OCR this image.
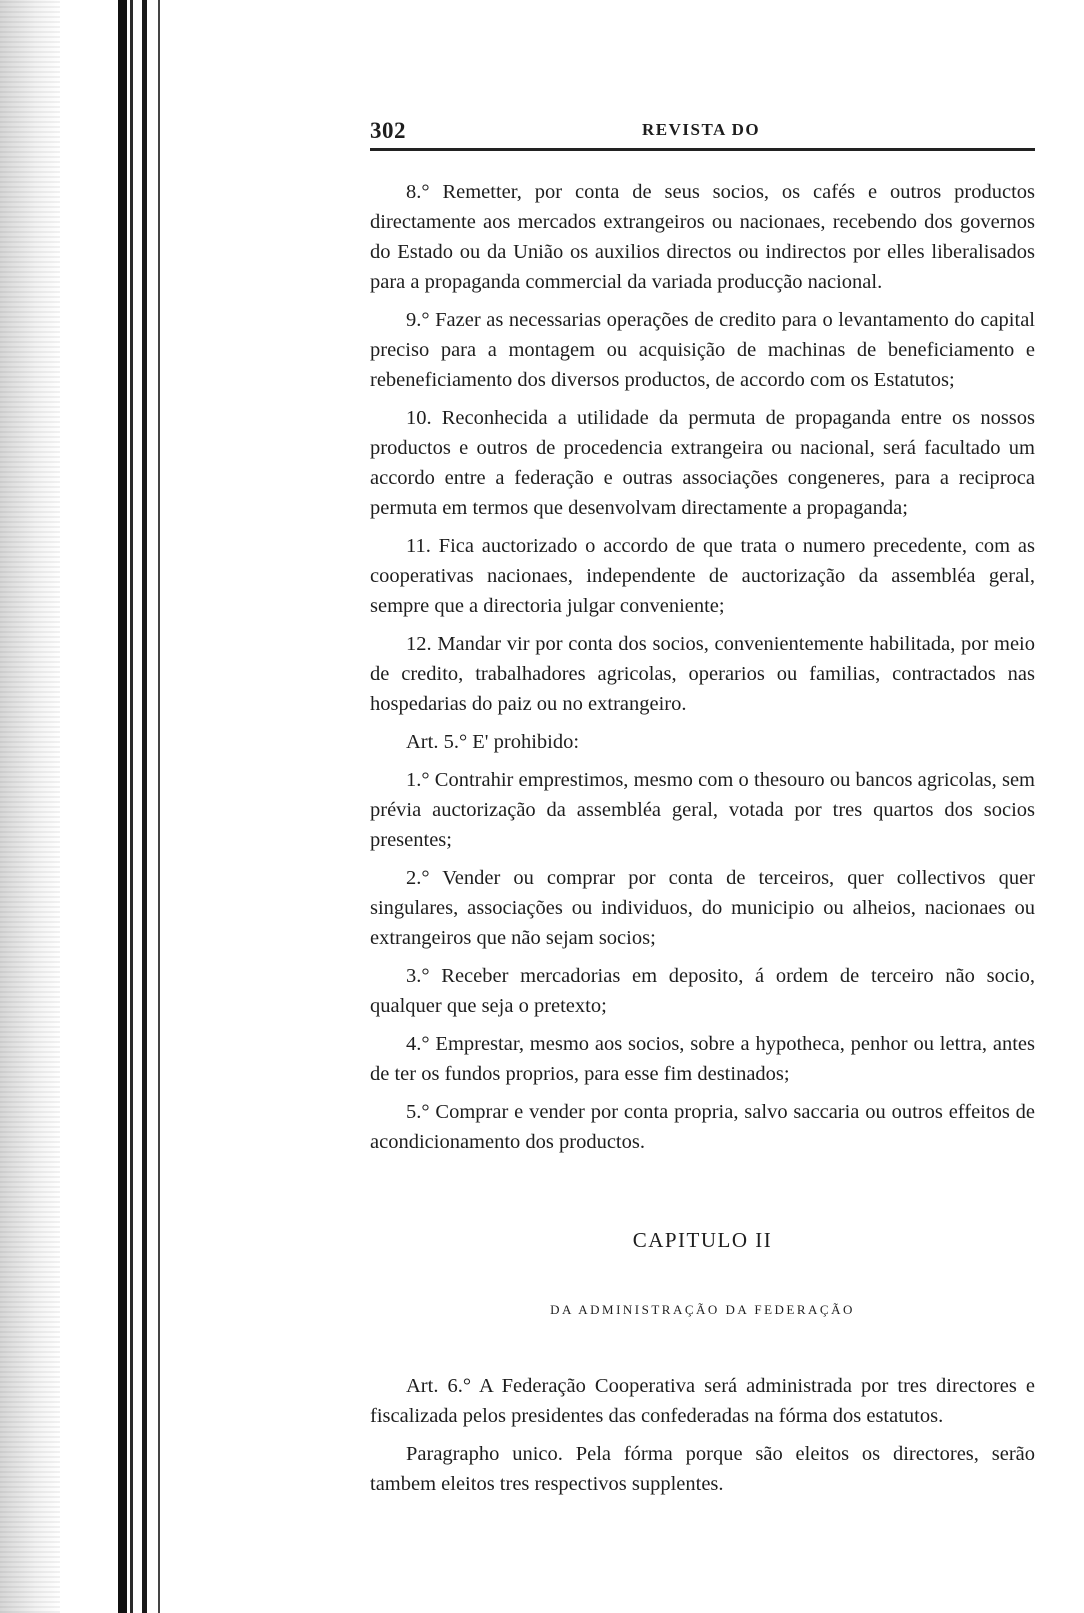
302	REVISTA DO

8.° Remetter, por conta de seus socios, os cafés e outros productos directamente aos mercados extrangeiros ou nacionaes, recebendo dos governos do Estado ou da União os auxilios directos ou indirectos por elles liberalisados para a propaganda commercial da variada producção nacional.

9.° Fazer as necessarias operações de credito para o levantamento do capital preciso para a montagem ou acquisição de machinas de beneficiamento e rebeneficiamento dos diversos productos, de accordo com os Estatutos;

10. Reconhecida a utilidade da permuta de propaganda entre os nossos productos e outros de procedencia extrangeira ou nacional, será facultado um accordo entre a federação e outras associações congeneres, para a reciproca permuta em termos que desenvolvam directamente a propaganda;

11. Fica auctorizado o accordo de que trata o numero precedente, com as cooperativas nacionaes, independente de auctorização da assembléa geral, sempre que a directoria julgar conveniente;

12. Mandar vir por conta dos socios, convenientemente habilitada, por meio de credito, trabalhadores agricolas, operarios ou familias, contractados nas hospedarias do paiz ou no extrangeiro.

Art. 5.° E' prohibido:

1.° Contrahir emprestimos, mesmo com o thesouro ou bancos agricolas, sem prévia auctorização da assembléa geral, votada por tres quartos dos socios presentes;

2.° Vender ou comprar por conta de terceiros, quer collectivos quer singulares, associações ou individuos, do municipio ou alheios, nacionaes ou extrangeiros que não sejam socios;

3.° Receber mercadorias em deposito, á ordem de terceiro não socio, qualquer que seja o pretexto;

4.° Emprestar, mesmo aos socios, sobre a hypotheca, penhor ou lettra, antes de ter os fundos proprios, para esse fim destinados;

5.° Comprar e vender por conta propria, salvo saccaria ou outros effeitos de acondicionamento dos productos.

CAPITULO II
DA ADMINISTRAÇÃO DA FEDERAÇÃO

Art. 6.° A Federação Cooperativa será administrada por tres directores e fiscalizada pelos presidentes das confederadas na fórma dos estatutos.

Paragrapho unico. Pela fórma porque são eleitos os directores, serão tambem eleitos tres respectivos supplentes.
